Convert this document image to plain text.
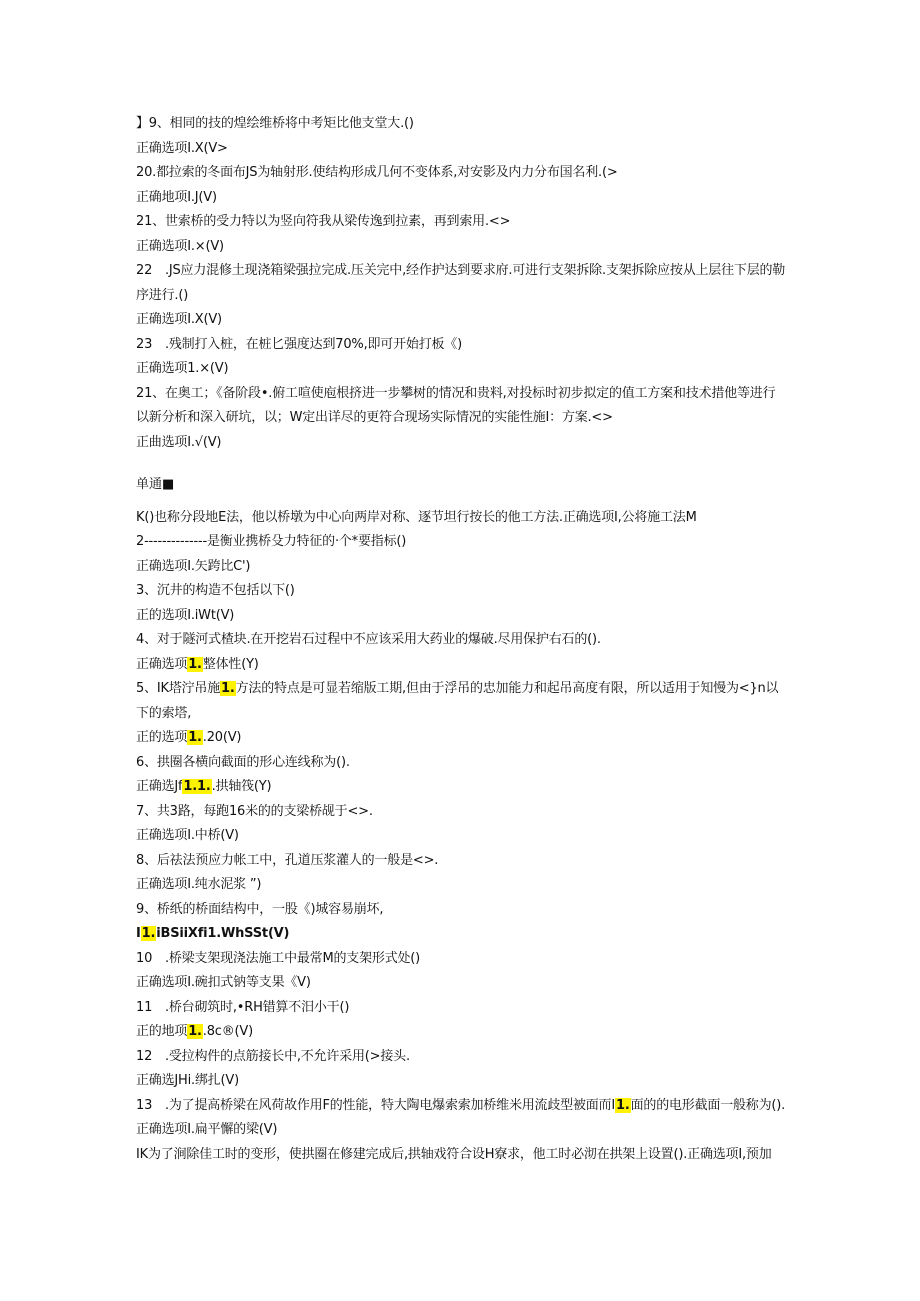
】9、相同的技的煌绘维桥将中考矩比他支堂大.()
正确选项I.X(V>
20.都拉索的冬面布JS为轴射形.使结构形成几何不变体系,对安影及内力分布国名利.(>
正确地项I.J(V)
21、世索桥的受力特以为竖向符我从梁传逸到拉素，再到索用.<>
正确选项I.×(V)
22　.JS应力混修土现浇箱梁强拉完成.压关完中,经作护达到要求府.可进行支架拆除.支架拆除应按从上层往下层的勒序进行.()
正确选项I.X(V)
23　.残制打入桩，在桩匕强度达到70%,即可开始打板《)
正确选项1.×(V)
21、在奥工；《备阶段•.俯工喧使庖根挤进一步攀树的情况和贵料,对投标时初步拟定的值工方案和技术措他等进行以新分析和深入研坑，以；W定出详尽的更符合现场实际情况的实能性施I：方案.<>
正曲选项I.√(V)
单通■
K()也称分段地E法，他以桥墩为中心向两岸对称、逐节坦行按长的他工方法.正确选项I,公将施工法M
2--------------是衡业携桥殳力特征的·个*要指标()
正确选项I.矢跨比C')
3、沉井的构造不包括以下()
正的选项I.iWt(V)
4、对于隧河式楂块.在开挖岩石过程中不应该采用大药业的爆破.尽用保护右石的().
正确选项1.整体性(Y)
5、IK塔泞吊施1.方法的特点是可显若缩版工期,但由于浮吊的忠加能力和起吊高度有限，所以适用于知慢为<}n以下的索塔,
正的选项1..20(V)
6、拱圈各横向截面的形心连线称为().
正确选Jf1.1..拱轴筏(Y)
7、共3路，每跑16米的的支梁桥觇于<>.
正确选项I.中桥(V)
8、后祛法预应力帐工中，孔道压浆灌人的一般是<>.
正确选项I.纯水泥浆 ”)
9、桥纸的桥面结构中，一股《)城容易崩坏,
I1.iBSiiXfi1.WhSSt(V)
10　.桥梁支架现浇法施工中最常M的支架形式处()
正确选项I.碗扣式钠等支果《V)
11　.桥台砌筑时,•RH错算不汨小干()
正的地项1..8c®(V)
12　.受拉构件的点筋接长中,不允许采用(>接头.
正确选JHi.绑扎(V)
13　.为了提高桥梁在风荷故作用F的性能，特大陶电爆索索加桥维米用流歧型被面而I1.面的的电形截面一般称为().
正确选项I.扁平懈的梁(V)
IK为了涧除佳工时的变形，使拱圈在修建完成后,拱轴戏符合设H寮求，他工时必沏在拱架上设置().正确选项I,预加
